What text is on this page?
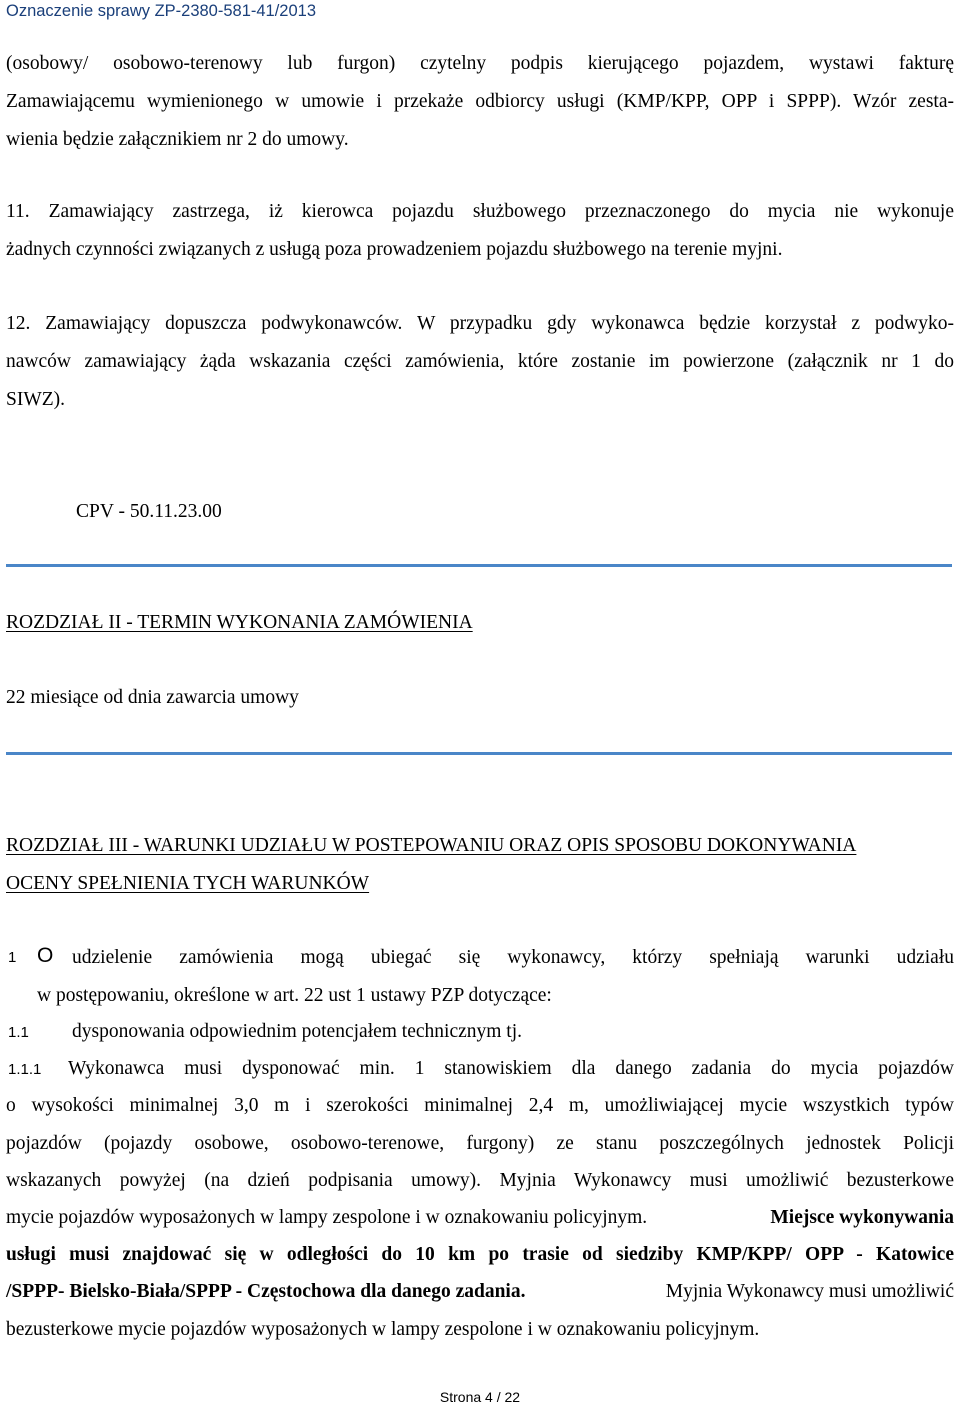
Oznaczenie sprawy ZP-2380-581-41/2013
(osobowy/ osobowo-terenowy lub furgon) czytelny podpis kierującego pojazdem, wystawi fakturę
Zamawiającemu wymienionego w umowie i przekaże odbiorcy usługi (KMP/KPP, OPP i SPPP). Wzór zesta-
wienia będzie załącznikiem nr 2 do umowy.
11. Zamawiający zastrzega, iż kierowca pojazdu służbowego przeznaczonego do mycia nie wykonuje
żadnych czynności związanych z usługą poza prowadzeniem pojazdu służbowego na terenie myjni.
12. Zamawiający dopuszcza podwykonawców. W przypadku gdy wykonawca będzie korzystał z podwyko-
nawców zamawiający żąda wskazania części zamówienia, które zostanie im powierzone (załącznik nr 1 do
SIWZ).
CPV - 50.11.23.00
ROZDZIAŁ II - TERMIN WYKONANIA ZAMÓWIENIA
22 miesiące od dnia zawarcia umowy
ROZDZIAŁ III - WARUNKI UDZIAŁU W POSTEPOWANIU ORAZ OPIS SPOSOBU DOKONYWANIA
OCENY SPEŁNIENIA TYCH WARUNKÓW
1 O udzielenie zamówienia mogą ubiegać się wykonawcy, którzy spełniają warunki udziału
w postępowaniu, określone w art. 22 ust 1 ustawy PZP dotyczące:
1.1 dysponowania odpowiednim potencjałem technicznym tj.
1.1.1 Wykonawca musi dysponować min. 1 stanowiskiem dla danego zadania do mycia pojazdów
o wysokości minimalnej 3,0 m i szerokości minimalnej 2,4 m, umożliwiającej mycie wszystkich typów
pojazdów (pojazdy osobowe, osobowo-terenowe, furgony) ze stanu poszczególnych jednostek Policji
wskazanych powyżej (na dzień podpisania umowy). Myjnia Wykonawcy musi umożliwić bezusterkowe
mycie pojazdów wyposażonych w lampy zespolone i w oznakowaniu policyjnym.	Miejsce wykonywania
usługi musi znajdować się w odległości do 10 km po trasie od siedziby KMP/KPP/ OPP - Katowice
/SPPP- Bielsko-Biała/SPPP - Częstochowa dla danego zadania.	Myjnia Wykonawcy musi umożliwić
bezusterkowe mycie pojazdów wyposażonych w lampy zespolone i w oznakowaniu policyjnym.
Strona 4 / 22
